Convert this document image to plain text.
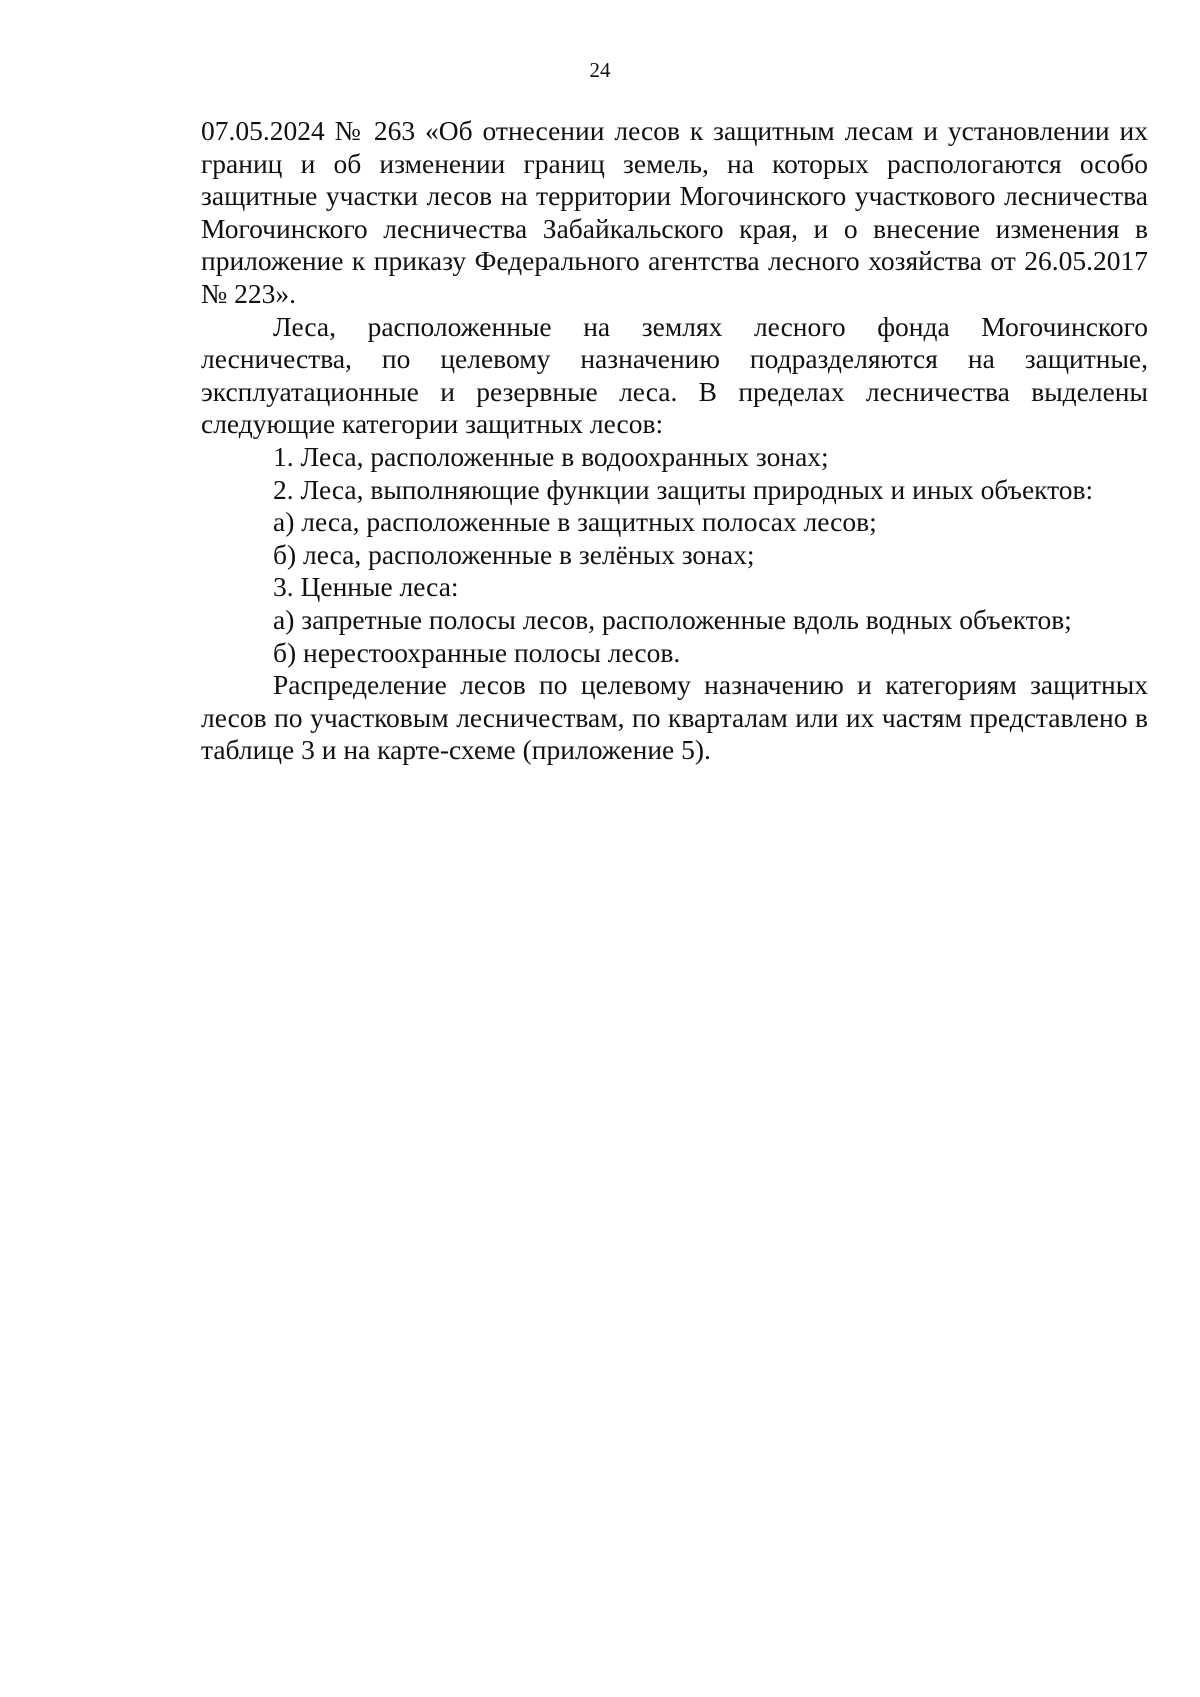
24

07.05.2024 № 263 «Об отнесении лесов к защитным лесам и установлении их границ и об изменении границ земель, на которых распологаются особо защитные участки лесов на территории Могочинского участкового лесничества Могочинского лесничества Забайкальского края, и о внесение изменения в приложение к приказу Федерального агентства лесного хозяйства от 26.05.2017 № 223».

Леса, расположенные на землях лесного фонда Могочинского лесничества, по целевому назначению подразделяются на защитные, эксплуатационные и резервные леса. В пределах лесничества выделены следующие категории защитных лесов:

1. Леса, расположенные в водоохранных зонах;

2. Леса, выполняющие функции защиты природных и иных объектов:

а) леса, расположенные в защитных полосах лесов;

б) леса, расположенные в зелёных зонах;

3. Ценные леса:

а) запретные полосы лесов, расположенные вдоль водных объектов;

б) нерестоохранные полосы лесов.

Распределение лесов по целевому назначению и категориям защитных лесов по участковым лесничествам, по кварталам или их частям представлено в таблице 3 и на карте-схеме (приложение 5).
